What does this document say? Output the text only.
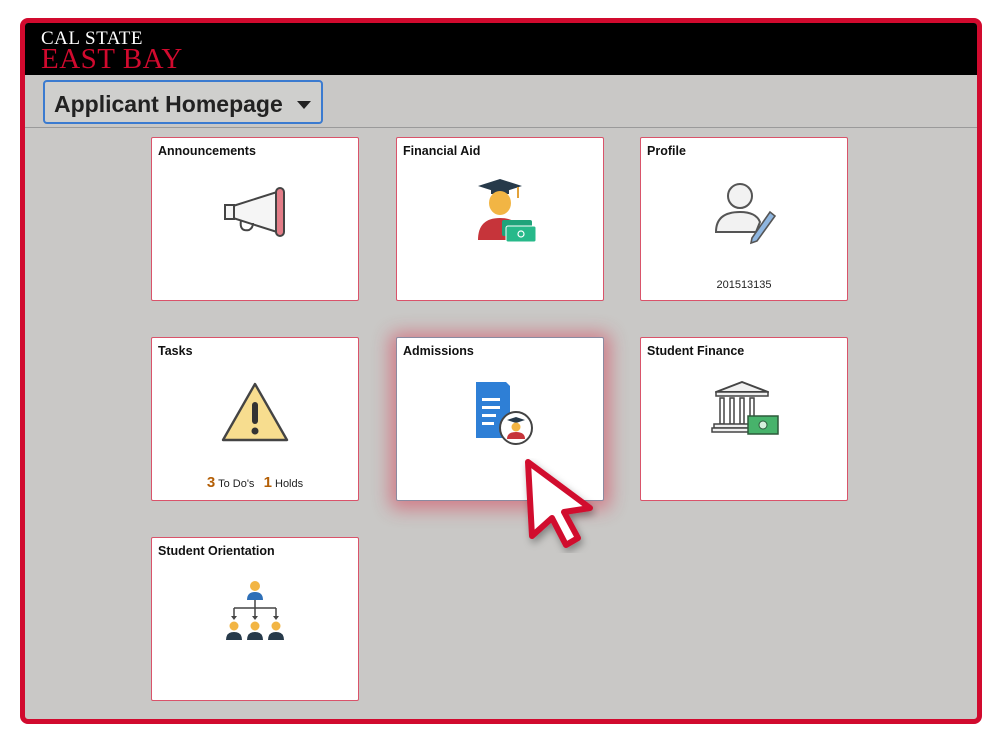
CAL STATE
EAST BAY
Applicant Homepage
Announcements	Financial Aid	Profile
201513135
Tasks
3 To Do's 1 Holds
Admissions	Student Finance
Student Orientation
